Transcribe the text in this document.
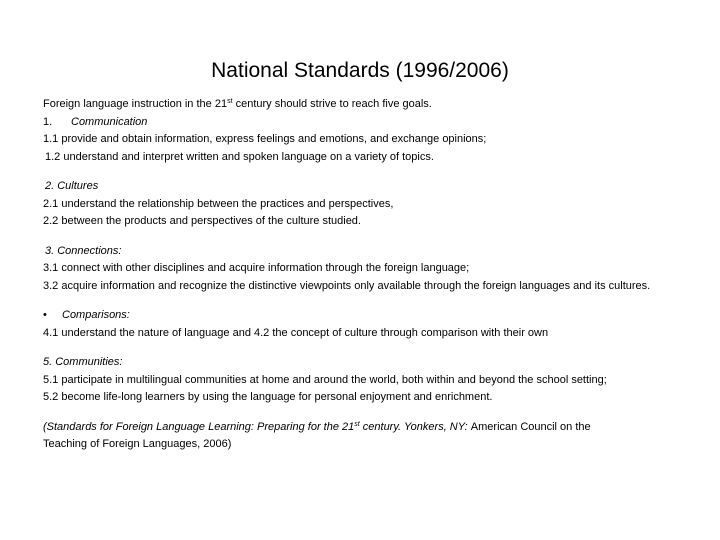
National Standards (1996/2006)
Foreign language instruction in the 21st century should strive to reach five goals.
1. Communication
1.1 provide and obtain information, express feelings and emotions, and exchange opinions;
1.2 understand and interpret written and spoken language on a variety of topics.
2. Cultures
2.1 understand the relationship between the practices and perspectives,
2.2 between the products and perspectives of the culture studied.
3. Connections:
3.1 connect with other disciplines and acquire information through the foreign language;
3.2 acquire information and recognize the distinctive viewpoints only available through the foreign languages and its cultures.
• Comparisons:
4.1 understand the nature of language and 4.2 the concept of culture through comparison with their own
5. Communities:
5.1 participate in multilingual communities at home and around the world, both within and beyond the school setting;
5.2 become life-long learners by using the language for personal enjoyment and enrichment.
(Standards for Foreign Language Learning: Preparing for the 21st century. Yonkers, NY: American Council on the
Teaching of Foreign Languages, 2006)
